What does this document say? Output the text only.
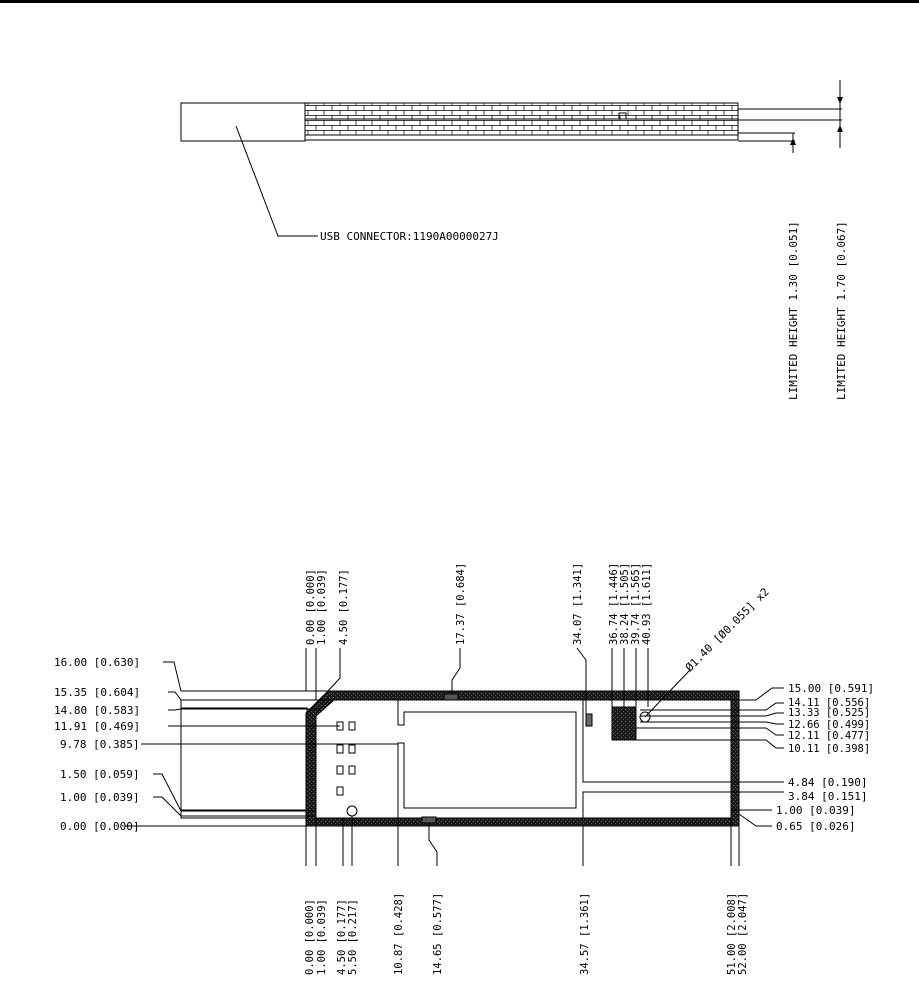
USB CONNECTOR:1190A0000027J	LIMITED HEIGHT 1.30 [0.051]	LIMITED HEIGHT 1.70 [0.067]
16.00 [0.630]
15.35 [0.604]
14.80 [0.583]
11.91 [0.469]
9.78 [0.385]
1.50 [0.059]
1.00 [0.039]
0.00 [0.000]
15.00 [0.591]
14.11 [0.556]
13.33 [0.525]
12.66 [0.499]
12.11 [0.477]
10.11 [0.398]
4.84 [0.190]
3.84 [0.151]
1.00 [0.039]
0.65 [0.026]
0.00 [0.000] 1.00 [0.039] 4.50 [0.177]	17.37 [0.684]	34.07 [1.341] 36.74 [1.446] 38.24 [1.505] 39.74 [1.565] 40.93 [1.611]	Ø1.40 [Ø0.055] x2
0.00 [0.000] 1.00 [0.039] 4.50 [0.177] 5.50 [0.217]	10.87 [0.428]	14.65 [0.577]	34.57 [1.361]	51.00 [2.008] 52.00 [2.047]
